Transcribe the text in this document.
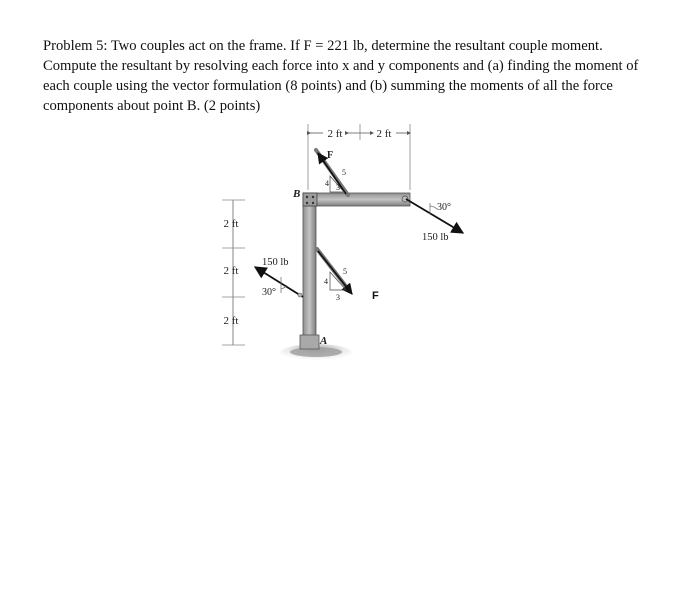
Problem 5: Two couples act on the frame. If F = 221 lb, determine the resultant couple moment. Compute the resultant by resolving each force into x and y components and (a) finding the moment of each couple using the vector formulation (8 points) and (b) summing the moments of all the force components about point B. (2 points)

2 ft	2 ft
2 ft
2 ft
2 ft
4
5
3
F
30°
150 lb
150 lb
30°
4
5
3	F
B
A
